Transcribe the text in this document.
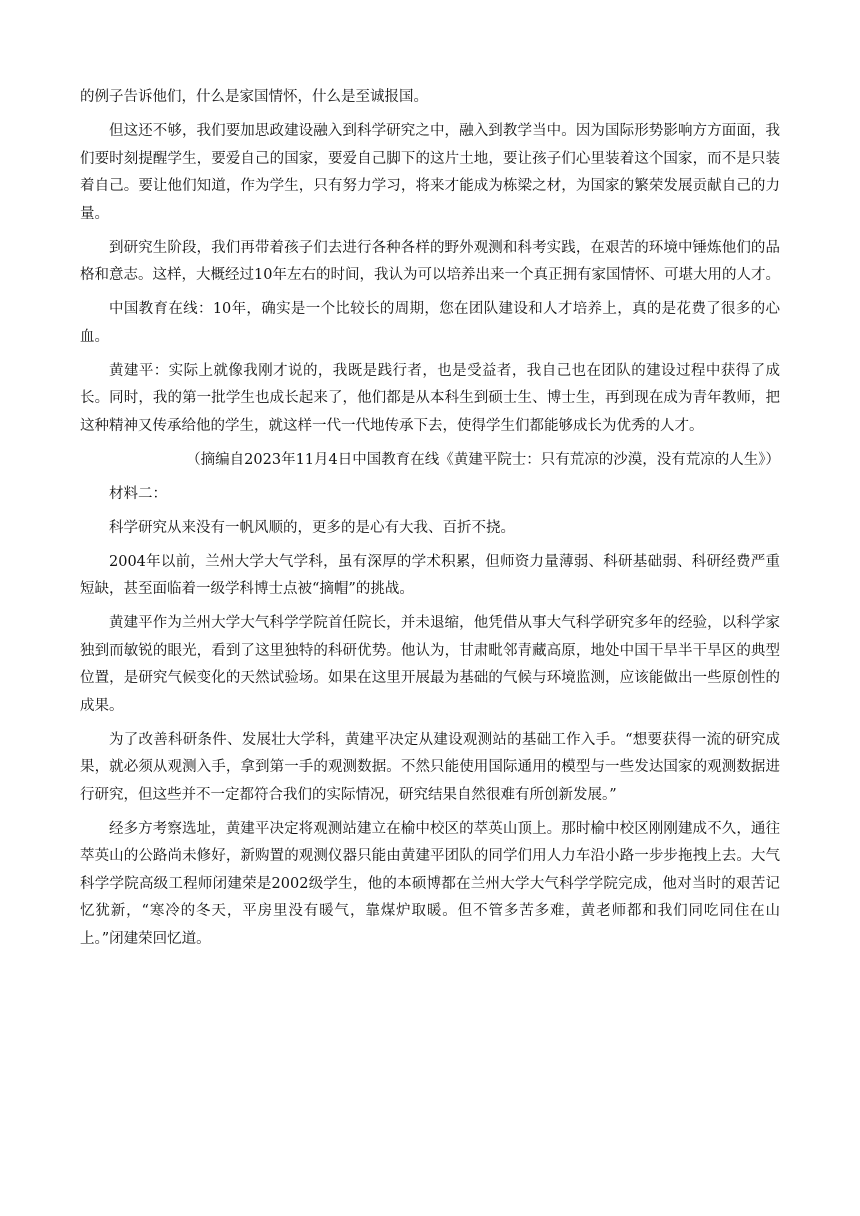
的例子告诉他们，什么是家国情怀，什么是至诚报国。

但这还不够，我们要加思政建设融入到科学研究之中，融入到教学当中。因为国际形势影响方方面面，我们要时刻提醒学生，要爱自己的国家，要爱自己脚下的这片土地，要让孩子们心里装着这个国家，而不是只装着自己。要让他们知道，作为学生，只有努力学习，将来才能成为栋梁之材，为国家的繁荣发展贡献自己的力量。

到研究生阶段，我们再带着孩子们去进行各种各样的野外观测和科考实践，在艰苦的环境中锤炼他们的品格和意志。这样，大概经过10年左右的时间，我认为可以培养出来一个真正拥有家国情怀、可堪大用的人才。

中国教育在线：10年，确实是一个比较长的周期，您在团队建设和人才培养上，真的是花费了很多的心血。

黄建平：实际上就像我刚才说的，我既是践行者，也是受益者，我自己也在团队的建设过程中获得了成长。同时，我的第一批学生也成长起来了，他们都是从本科生到硕士生、博士生，再到现在成为青年教师，把这种精神又传承给他的学生，就这样一代一代地传承下去，使得学生们都能够成长为优秀的人才。

（摘编自2023年11月4日中国教育在线《黄建平院士：只有荒凉的沙漠，没有荒凉的人生》）

材料二：

科学研究从来没有一帆风顺的，更多的是心有大我、百折不挠。

2004年以前，兰州大学大气学科，虽有深厚的学术积累，但师资力量薄弱、科研基础弱、科研经费严重短缺，甚至面临着一级学科博士点被“摘帽”的挑战。

黄建平作为兰州大学大气科学学院首任院长，并未退缩，他凭借从事大气科学研究多年的经验，以科学家独到而敏锐的眼光，看到了这里独特的科研优势。他认为，甘肃毗邻青藏高原，地处中国干旱半干旱区的典型位置，是研究气候变化的天然试验场。如果在这里开展最为基础的气候与环境监测，应该能做出一些原创性的成果。

为了改善科研条件、发展壮大学科，黄建平决定从建设观测站的基础工作入手。“想要获得一流的研究成果，就必须从观测入手，拿到第一手的观测数据。不然只能使用国际通用的模型与一些发达国家的观测数据进行研究，但这些并不一定都符合我们的实际情况，研究结果自然很难有所创新发展。”

经多方考察选址，黄建平决定将观测站建立在榆中校区的萃英山顶上。那时榆中校区刚刚建成不久，通往萃英山的公路尚未修好，新购置的观测仪器只能由黄建平团队的同学们用人力车沿小路一步步拖拽上去。大气科学学院高级工程师闭建荣是2002级学生，他的本硕博都在兰州大学大气科学学院完成，他对当时的艰苦记忆犹新，“寒冷的冬天，平房里没有暖气，靠煤炉取暖。但不管多苦多难，黄老师都和我们同吃同住在山上。”闭建荣回忆道。
